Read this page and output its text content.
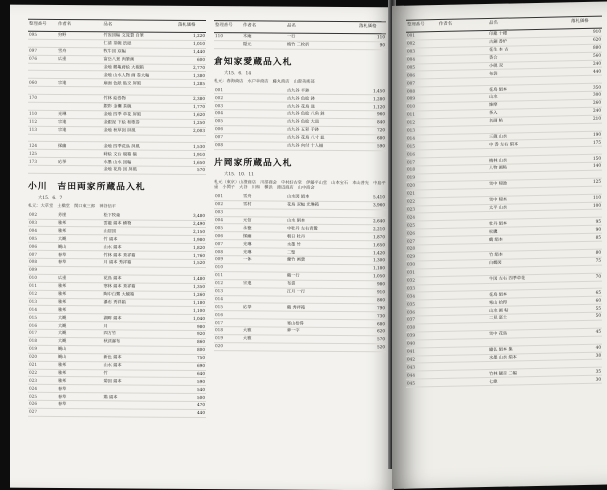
整理番号	作者名	品名	落札価格
095	狩野	竹雀図幅 文晁賛 自筆	1,220
		仁清 茶碗 渋紙	1,010
097	雪舟	牧牛図 双幅	1,440
076	広重	富岳八景 肉筆画	600
		金地 鶴亀蒔絵 大硯箱	2,770
		金地 山水人物 画 巻大幅	1,380
060	宗達	扇面 色紙 貼交 屏風	1,285

170		竹林 絵巻物	2,380
		銀彩 金襴 茶碗	1,770
110	光琳	金地 四季 草花 屏風	1,620
112	宗達	金銀泥 下絵 和歌巻	1,250
113	宗達	金地 秋草図 屏風	2,003

124	探幽	金地 四季花鳥 屏風	1,530
125		蒔絵 文台 硯箱 揃	1,910
173	応挙	水墨 山水 図幅	1,650
		金地 花鳥 図 屏風	570
小川　吉田両家所蔵品入札
大15．6．7
札元：大草堂　土橋堂　関口東三郎　神谷信平
002	芳崖	松下牧童	3,480
003	雅邦	雲龍 絹本 横物	2,490
004	雅邦	山居図	2,150
005	大観	竹 絹本	1,980
006	観山	山水 絹本	1,820
007	春草	竹林 絹本 秀祥箱	1,760
008	春草	月 絹本 秀祥箱	1,520
009			
010	広重	花鳥 絹本	1,480
011	雅邦	寒林 絹本 秀祥箱	1,350
012	雅邦	陶中白鷺 大観箱	1,260
013	雅邦	瀑布 秀祥箱	1,180
014	雅邦		1,100
015	大観	湖畔 絹本	1,040
016	大観	月	980
017	大観	四方竹	920
018	大観	秋渓瀑布	860
019	観山		800
020	観山	新色 絹本	750
021	雅邦	山水 絹本	690
022	雅邦	竹	640
023	雅邦	菊図 絹本	590
024	春草		540
025	春草	鶏 絹本	500
026	春草		470
027			440
整理番号	作者名	品名	落札価格
110	木庵	一行	110
	隠元	梅竹 二枚折	90
倉知家愛蔵品入札
大15．6．14
札元：春海商店　水戸幸商店　藤丸商店　山澄美術部
001		古九谷 平鉢	1,450
002		古九谷 色絵 鉢	1,280
003		古九谷 花鳥 皿	1,120
004		古九谷 色絵 八角 鉢	960
005		古九谷 色絵 大皿	840
006		古九谷 五彩 手鉢	720
007		古九谷 花鳥 八寸 皿	680
008		古九谷 向付 十人揃	590
片岡家所蔵品入札
大15．10．11
札元（東京）山澄商店　川部商会　中村好古堂　伊藤平山堂　山本宝石　本山普光　中島平重　小関子　大谷　川和　横浜　渡辺商店　山中商会
001	雪舟	山水図 絹本	5,410
002	雪村	花鳥 双幅 光琳箱	3,960
003			
004	元信	山水 絹本	2,640
005	永徳	中牡丹 左右青鸞	2,210
006	探幽	朝日 牡丹	1,870
007	光琳	水墨 竹	1,650
008	光琳	二聖	1,420
009	一休	蘭竹 画賛	1,300
010			1,180
011		鶴一行	1,050
012	宗達	布袋	980
013		江月 一行	910
014			860
015	応挙	鶴 秀祥箱	790
016			730
017		寒山拾得	680
018	大雅	夢一字	620
019	大雅		570
020			520
整理番号	作者名	品名	落札価格
001		印籠 十種	910
002		古銅 香炉	620
003		花生 本 古	880
004		香合	560
005		小硯 双	240
006		布袋	440
007			
008		花鳥 絹本	350
009		山水	300
010		維摩	260
011		茶入	240
012		名画 帖	210
013			
014		三蔵 山水	190
015		中 香 左右 絹本	175
016			
017		梅林 山水	150
018		人物 画帖	140
019			
020		雪中 帰漁	125
021			
022		雪中 帰木	110
023		太平 山水	100
024			
025		牡丹 絹本	95
026		松鷹	90
027		鶴 絹本	85
028			
029		竹 絹本	80
030		白鶴図	75
031			
032		牛図 左右 四季草花	70
033			
034		花鳥 絹本	65
035		寒山 拾得	60
036		山水 画 帖	55
037		二見 富士	50
038			
039		雪中 花鳥	45
040			
041		繍仏 絹本 集	40
042		水墨 山水 絹本	38
043			
044		竹林 観音 二幅	35
045		七絶	30
